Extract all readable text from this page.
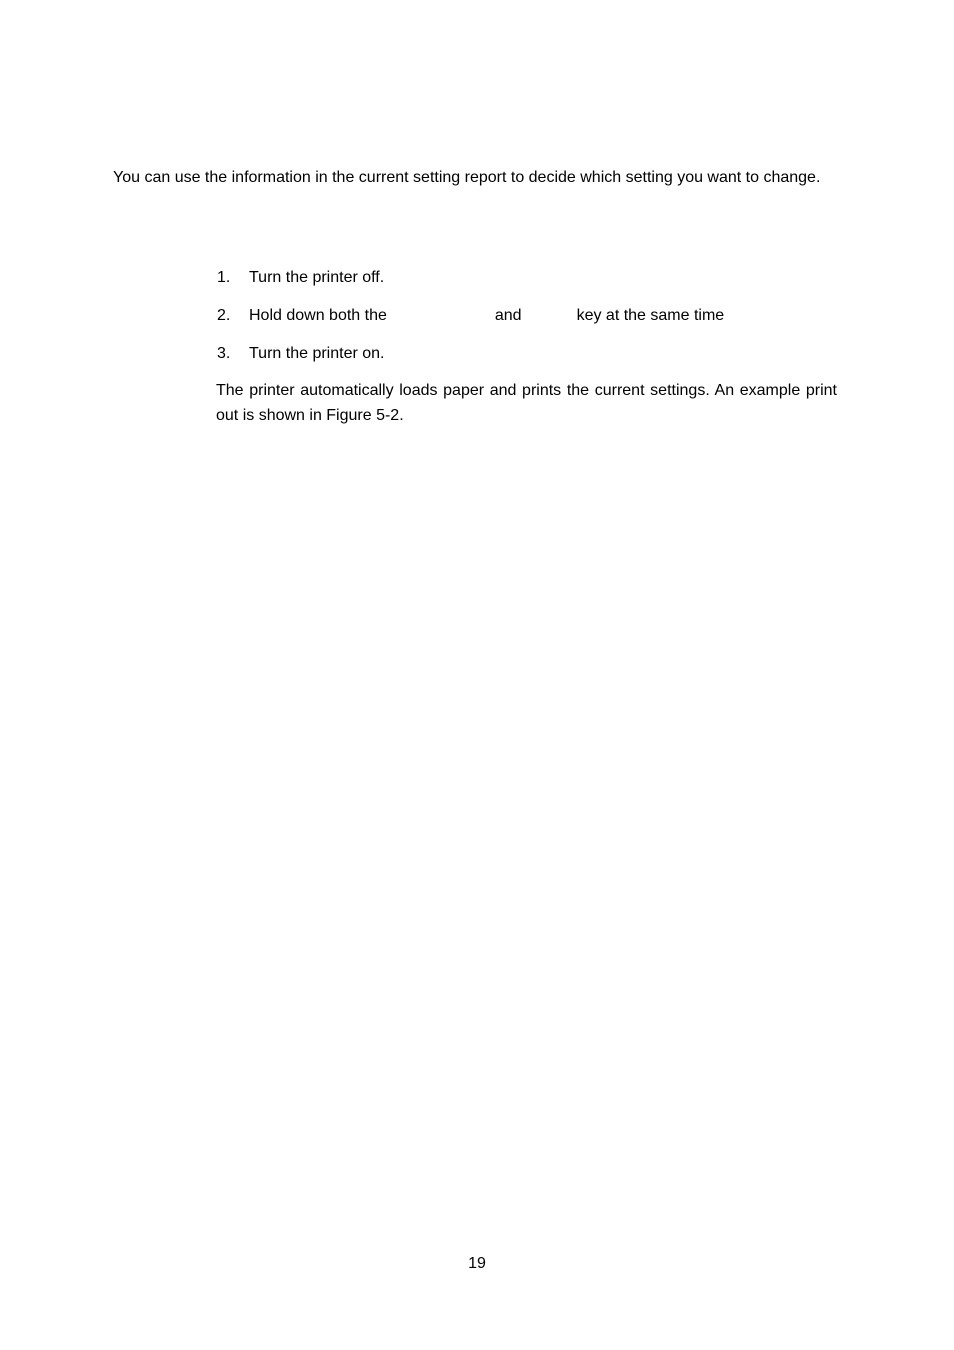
You can use the information in the current setting report to decide which setting you want to change.

1. Turn the printer off.
2. Hold down both the	and	key at the same time
3. Turn the printer on.

The printer automatically loads paper and prints the current settings. An example print out is shown in Figure 5-2.

19
